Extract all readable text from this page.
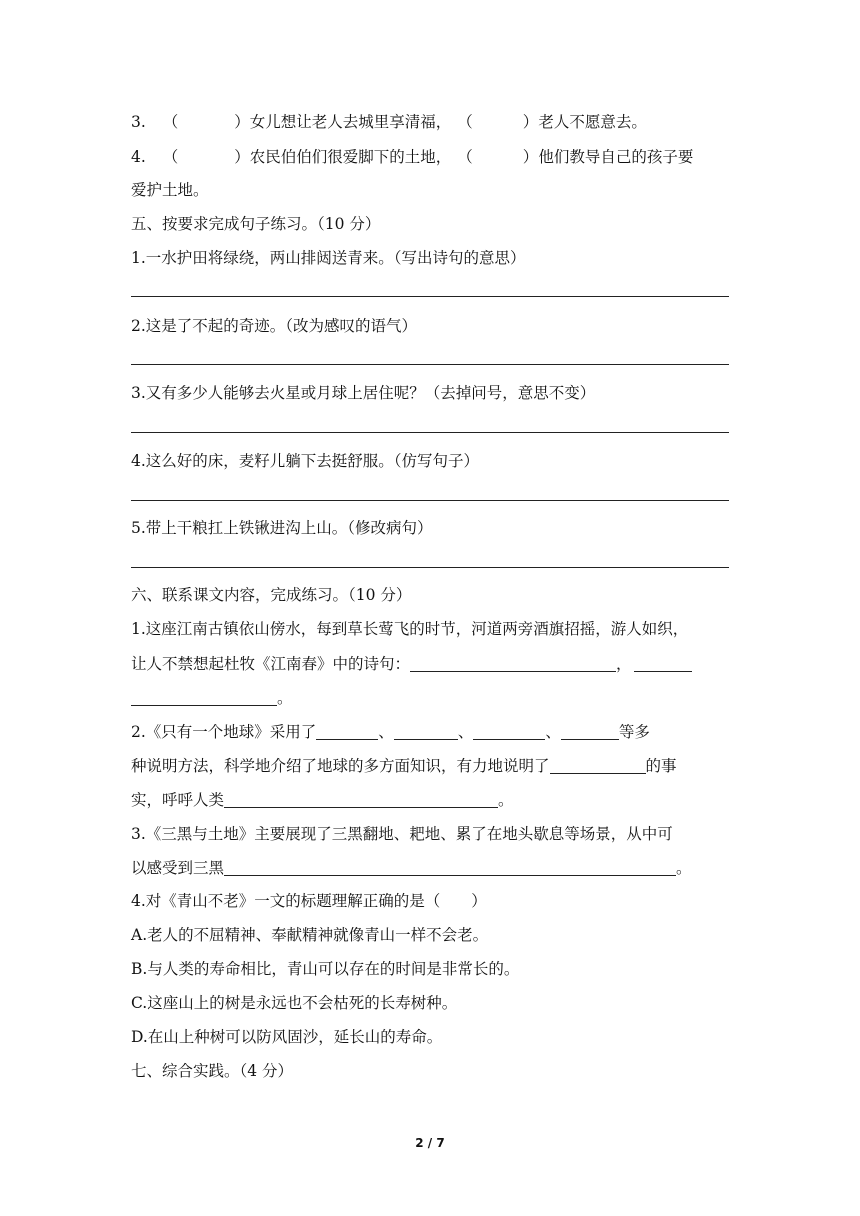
3. （	）女儿想让老人去城里享清福， （	）老人不愿意去。
4. （	）农民伯伯们很爱脚下的土地， （	）他们教导自己的孩子要
爱护土地。
五、按要求完成句子练习。（10 分）
1.一水护田将绿绕，两山排闼送青来。（写出诗句的意思）
2.这是了不起的奇迹。（改为感叹的语气）
3.又有多少人能够去火星或月球上居住呢？（去掉问号，意思不变）
4.这么好的床，麦籽儿躺下去挺舒服。（仿写句子）
5.带上干粮扛上铁锹进沟上山。（修改病句）
六、联系课文内容，完成练习。（10 分）
1.这座江南古镇依山傍水，每到草长莺飞的时节，河道两旁酒旗招摇，游人如织，
让人不禁想起杜牧《江南春》中的诗句：	，
。
2.《只有一个地球》采用了	、	、	、	等多
种说明方法，科学地介绍了地球的多方面知识，有力地说明了	的事
实，呼呼人类	。
3.《三黑与土地》主要展现了三黑翻地、耙地、累了在地头歇息等场景，从中可
以感受到三黑	。
4.对《青山不老》一文的标题理解正确的是（　　）
A.老人的不屈精神、奉献精神就像青山一样不会老。
B.与人类的寿命相比，青山可以存在的时间是非常长的。
C.这座山上的树是永远也不会枯死的长寿树种。
D.在山上种树可以防风固沙，延长山的寿命。
七、综合实践。（4 分）
2 / 7
